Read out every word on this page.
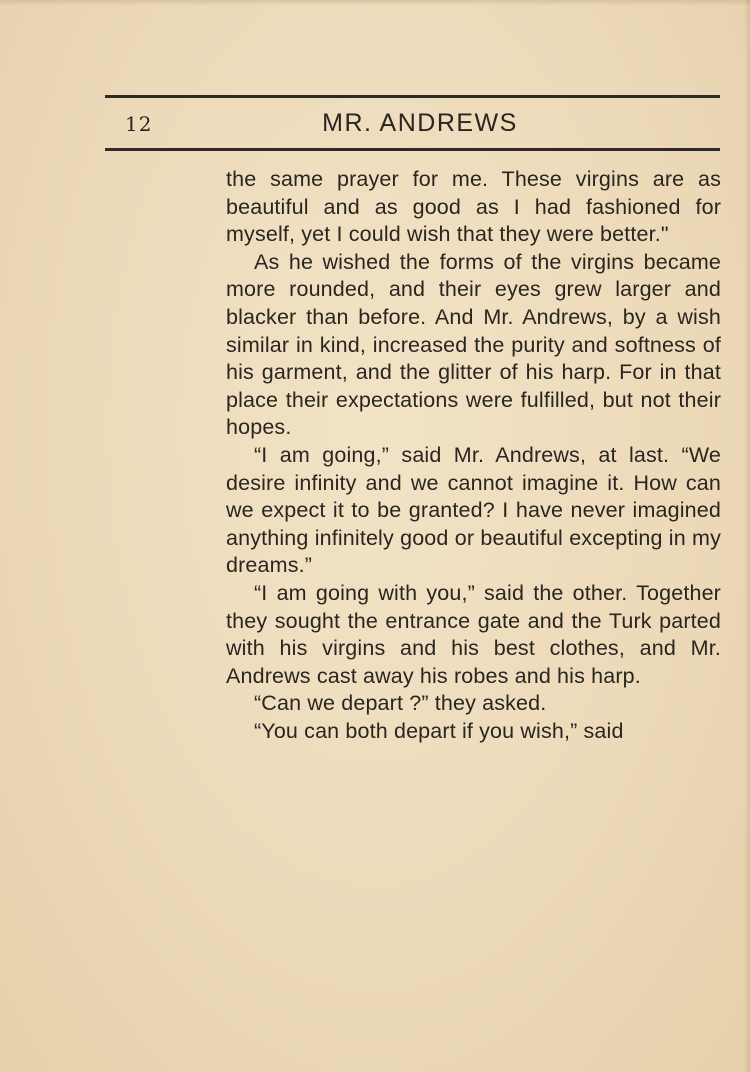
12	MR. ANDREWS

the same prayer for me. These virgins are as beautiful and as good as I had fashioned for myself, yet I could wish that they were better."

As he wished the forms of the virgins became more rounded, and their eyes grew larger and blacker than before. And Mr. Andrews, by a wish similar in kind, increased the purity and softness of his garment, and the glitter of his harp. For in that place their expectations were fulfilled, but not their hopes.

“I am going,” said Mr. Andrews, at last. “We desire infinity and we cannot imagine it. How can we expect it to be granted? I have never imagined anything infinitely good or beautiful excepting in my dreams.”

“I am going with you,” said the other. Together they sought the entrance gate and the Turk parted with his virgins and his best clothes, and Mr. Andrews cast away his robes and his harp.

“Can we depart ?” they asked.

“You can both depart if you wish,” said
